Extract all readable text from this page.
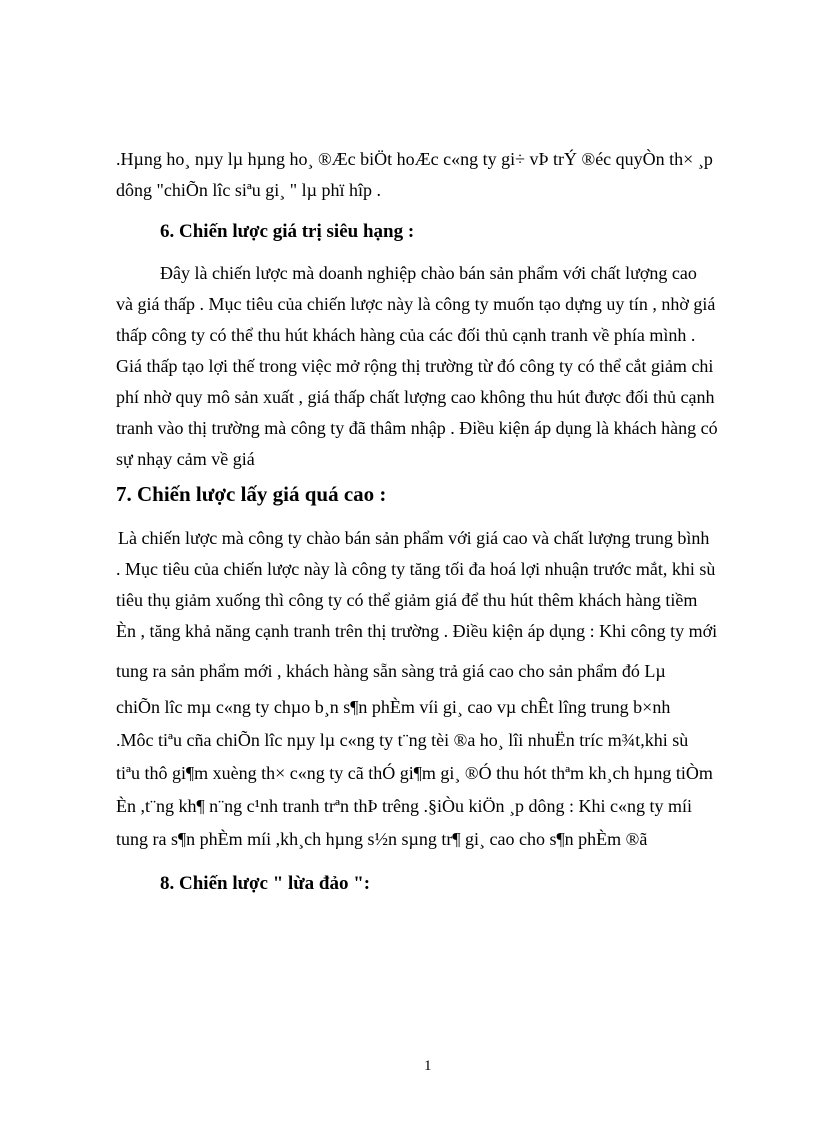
.Hµng ho¸ nµy lµ hµng ho¸ ®Æc biÖt hoÆc c«ng ty gi÷ vÞ trÝ ®éc quyÒn th× ¸p
dông "chiÕn lîc siªu gi¸ " lµ phï hîp .
6. Chiến lược giá trị siêu hạng :
Đây là chiến lược mà doanh nghiệp chào bán sản phẩm với chất lượng cao
và giá thấp . Mục tiêu của chiến lược này là công ty muốn tạo dựng uy tín , nhờ giá
thấp công ty có thể thu hút khách hàng của các đối thủ cạnh tranh về phía mình .
Giá thấp tạo lợi thế trong việc mở rộng thị trường từ đó công ty có thể cắt giảm chi
phí nhờ quy mô sản xuất , giá thấp chất lượng cao không thu hút được đối thủ cạnh
tranh vào thị trường mà công ty đã thâm nhập . Điều kiện áp dụng là khách hàng có
sự nhạy cảm về giá
7. Chiến lược lấy giá quá cao :
Là chiến lược mà công ty chào bán sản phẩm với giá cao và chất lượng trung bình
. Mục tiêu của chiến lược này là công ty tăng tối đa hoá lợi nhuận trước mắt, khi sù
tiêu thụ giảm xuống thì công ty có thể giảm giá để thu hút thêm khách hàng tiềm
Èn , tăng khả năng cạnh tranh trên thị trường . Điều kiện áp dụng : Khi công ty mới
tung ra sản phẩm mới , khách hàng sẵn sàng trả giá cao cho sản phẩm đó Lµ
chiÕn lîc mµ c«ng ty chµo b¸n s¶n phÈm víi gi¸ cao vµ chÊt lîng trung b×nh
.Môc tiªu cña chiÕn lîc nµy lµ c«ng ty t¨ng tèi ®a ho¸ lîi nhuËn tríc m¾t,khi sù
tiªu thô gi¶m xuèng th× c«ng ty cã thÓ gi¶m gi¸ ®Ó thu hót thªm kh¸ch hµng tiÒm
Èn ,t¨ng kh¶ n¨ng c¹nh tranh trªn thÞ trêng .§iÒu kiÖn ¸p dông : Khi c«ng ty míi
tung ra s¶n phÈm míi ,kh¸ch hµng s½n sµng tr¶ gi¸ cao cho s¶n phÈm ®ã
8. Chiến lược " lừa đảo ":
1
